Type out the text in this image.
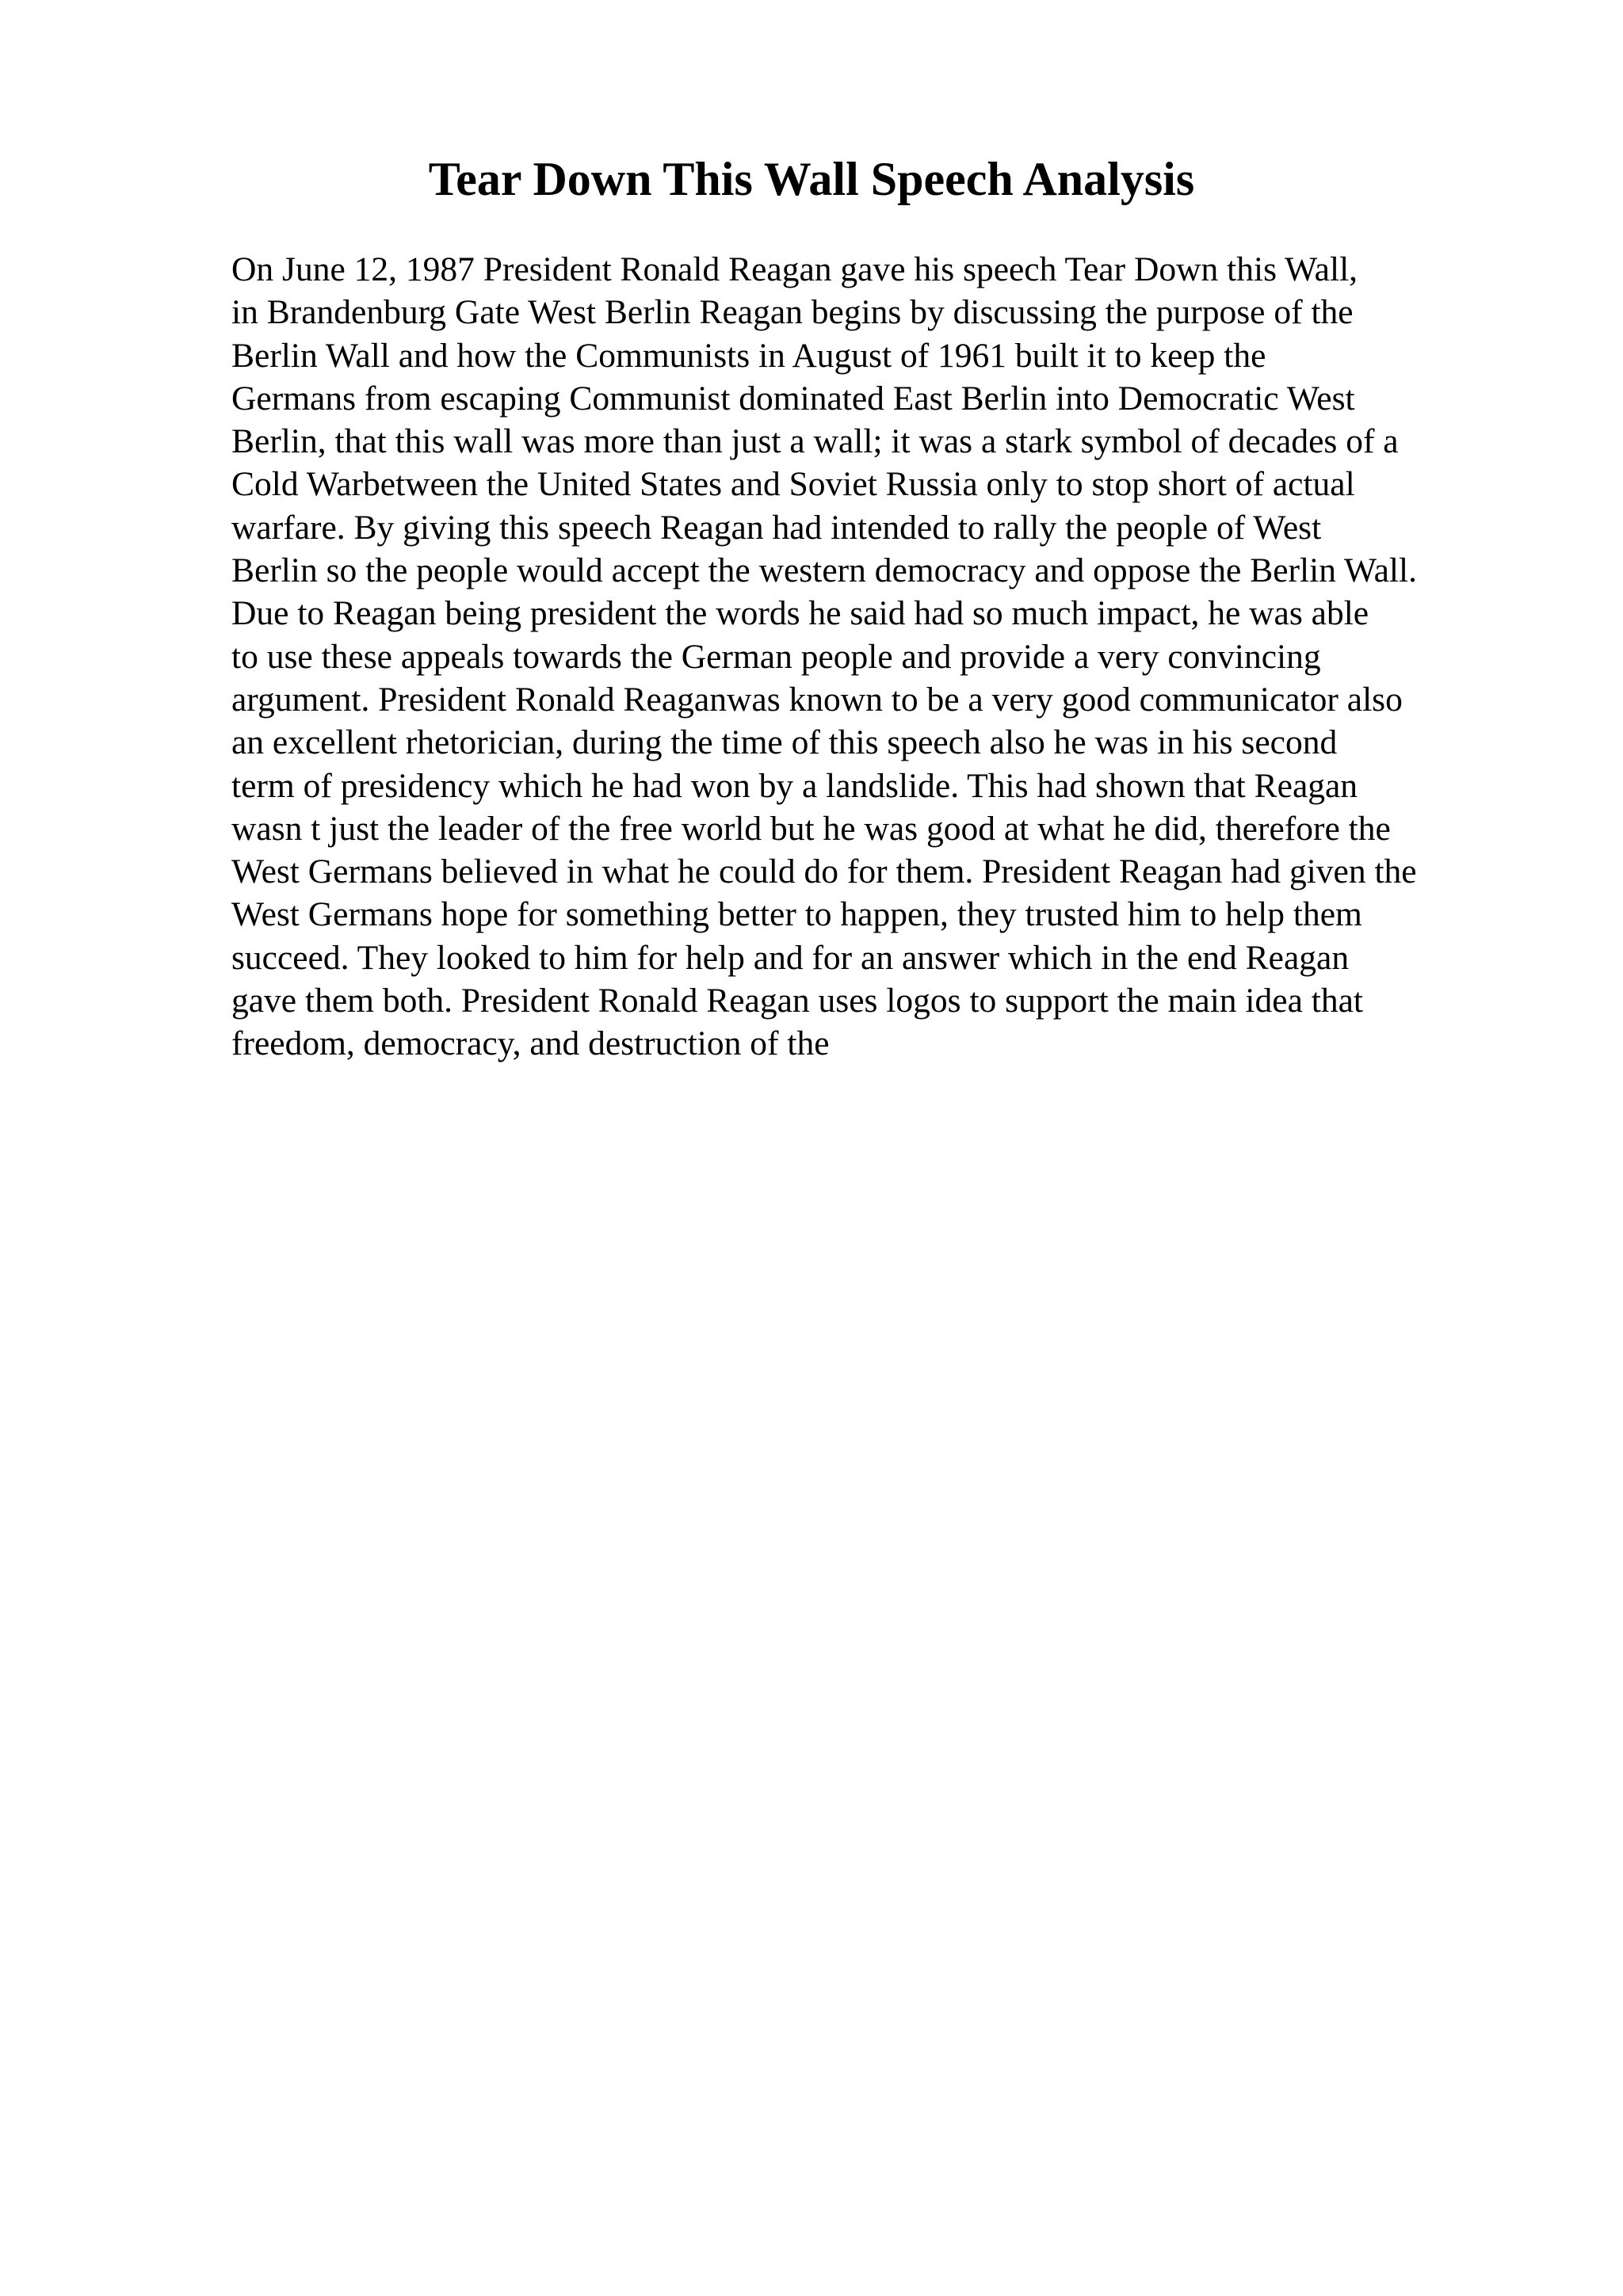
Tear Down This Wall Speech Analysis
On June 12, 1987 President Ronald Reagan gave his speech Tear Down this Wall,
in Brandenburg Gate West Berlin Reagan begins by discussing the purpose of the
Berlin Wall and how the Communists in August of 1961 built it to keep the
Germans from escaping Communist dominated East Berlin into Democratic West
Berlin, that this wall was more than just a wall; it was a stark symbol of decades of a
Cold Warbetween the United States and Soviet Russia only to stop short of actual
warfare. By giving this speech Reagan had intended to rally the people of West
Berlin so the people would accept the western democracy and oppose the Berlin Wall.
Due to Reagan being president the words he said had so much impact, he was able
to use these appeals towards the German people and provide a very convincing
argument. President Ronald Reaganwas known to be a very good communicator also
an excellent rhetorician, during the time of this speech also he was in his second
term of presidency which he had won by a landslide. This had shown that Reagan
wasn t just the leader of the free world but he was good at what he did, therefore the
West Germans believed in what he could do for them. President Reagan had given the
West Germans hope for something better to happen, they trusted him to help them
succeed. They looked to him for help and for an answer which in the end Reagan
gave them both. President Ronald Reagan uses logos to support the main idea that
freedom, democracy, and destruction of the
